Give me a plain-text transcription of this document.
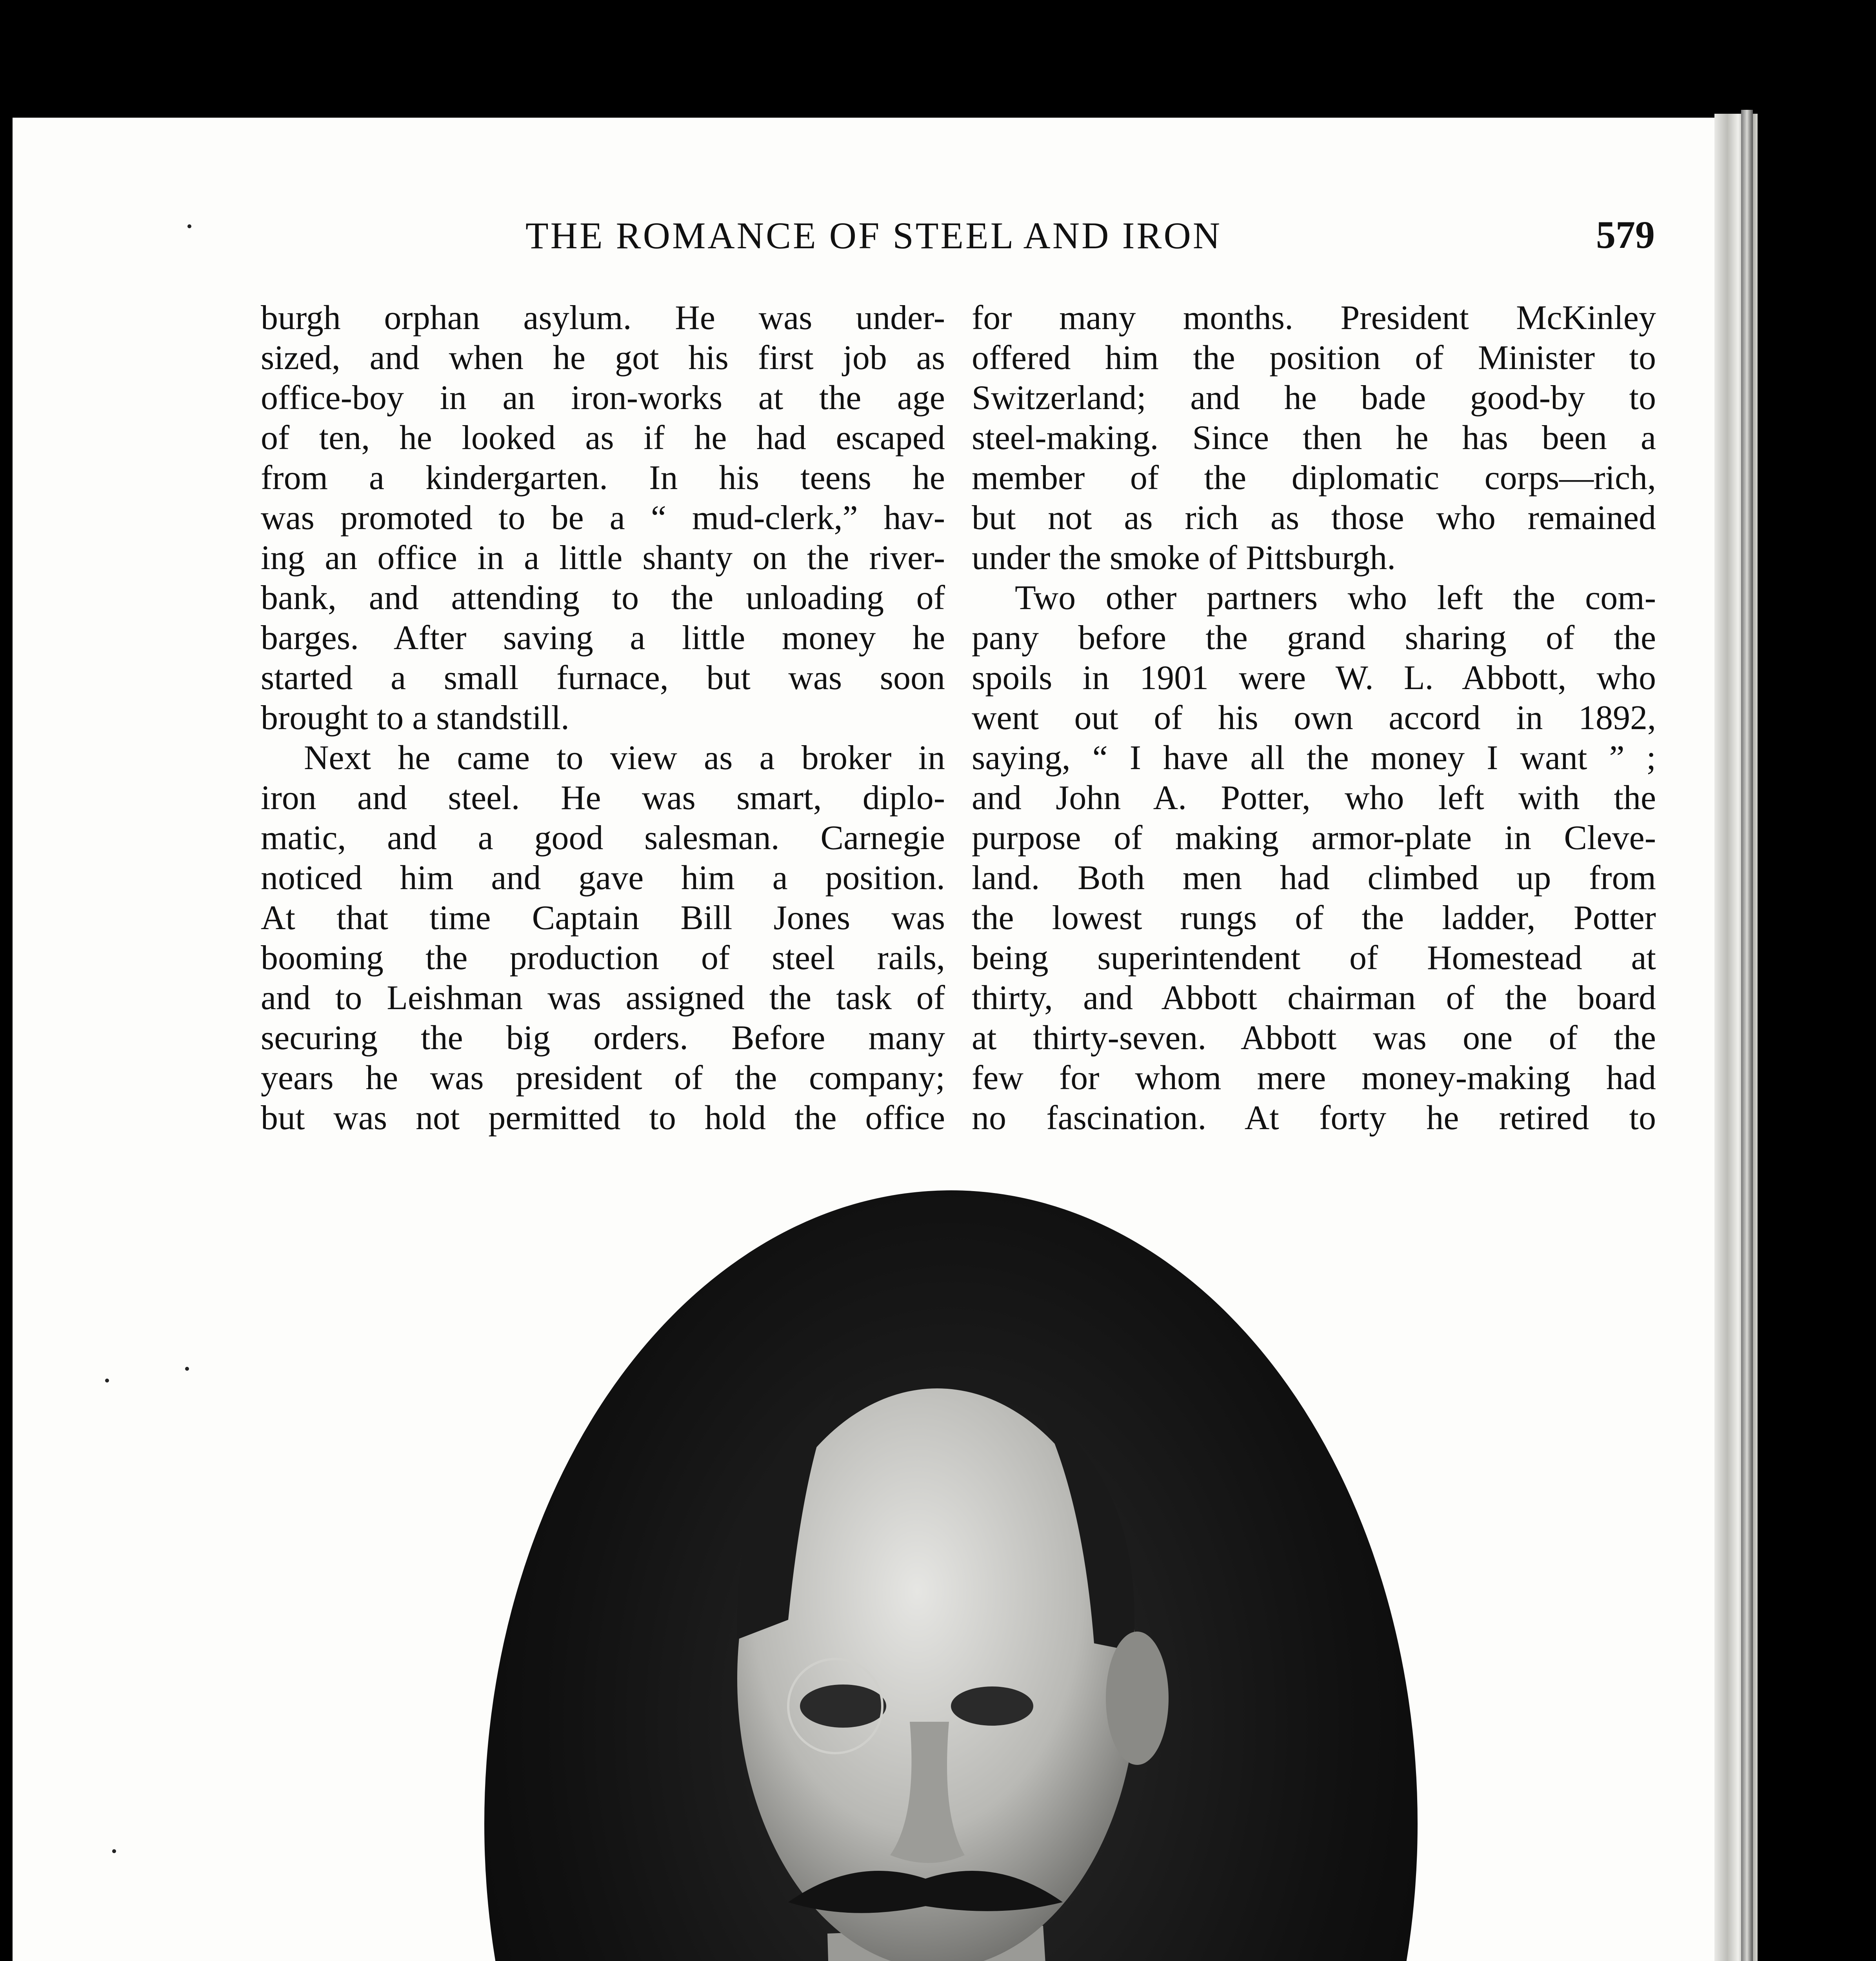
THE ROMANCE OF STEEL AND IRON	579
burgh orphan asylum. He was under-
sized, and when he got his first job as
office-boy in an iron-works at the age
of ten, he looked as if he had escaped
from a kindergarten. In his teens he
was promoted to be a “ mud-clerk,” hav-
ing an office in a little shanty on the river-
bank, and attending to the unloading of
barges. After saving a little money he
started a small furnace, but was soon
brought to a standstill.
Next he came to view as a broker in
iron and steel. He was smart, diplo-
matic, and a good salesman. Carnegie
noticed him and gave him a position.
At that time Captain Bill Jones was
booming the production of steel rails,
and to Leishman was assigned the task of
securing the big orders. Before many
years he was president of the company;
but was not permitted to hold the office
for many months. President McKinley
offered him the position of Minister to
Switzerland; and he bade good-by to
steel-making. Since then he has been a
member of the diplomatic corps—rich,
but not as rich as those who remained
under the smoke of Pittsburgh.
Two other partners who left the com-
pany before the grand sharing of the
spoils in 1901 were W. L. Abbott, who
went out of his own accord in 1892,
saying, “ I have all the money I want ” ;
and John A. Potter, who left with the
purpose of making armor-plate in Cleve-
land. Both men had climbed up from
the lowest rungs of the ladder, Potter
being superintendent of Homestead at
thirty, and Abbott chairman of the board
at thirty-seven. Abbott was one of the
few for whom mere money-making had
no fascination. At forty he retired to
